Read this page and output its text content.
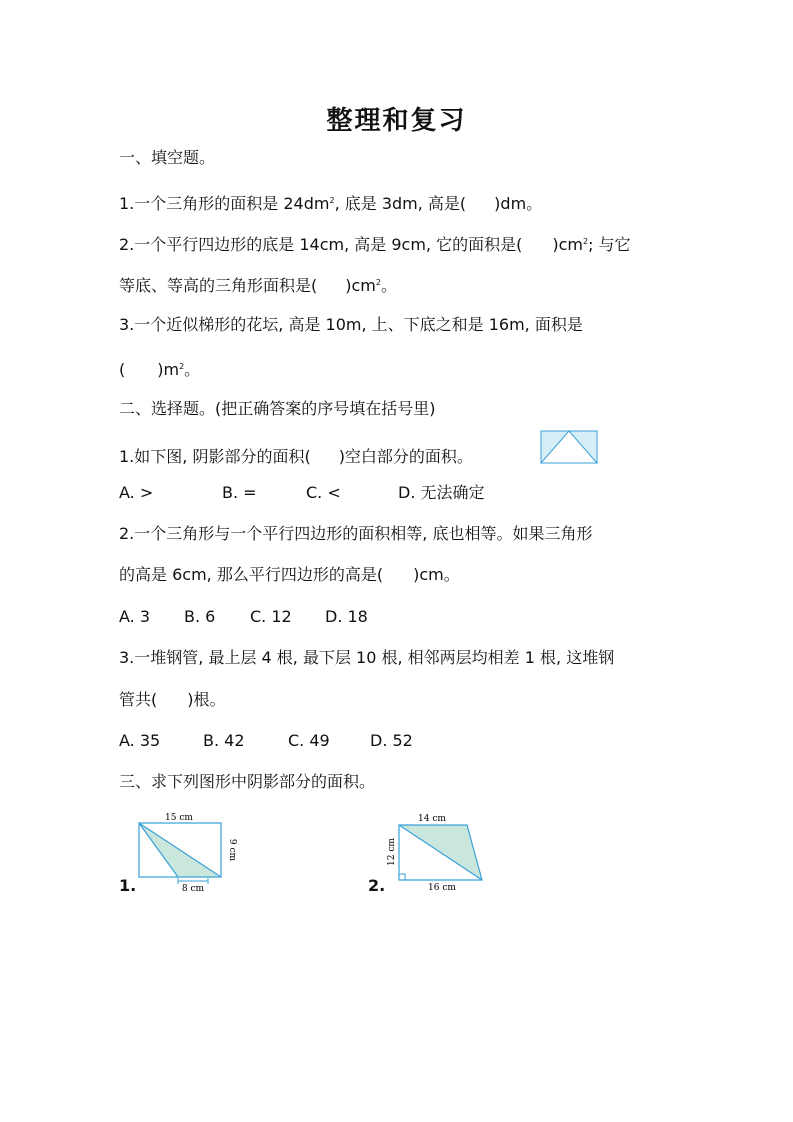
整理和复习
一、填空题。
1.一个三角形的面积是 $24dm^2$, 底是 3dm, 高是( )dm。
2.一个平行四边形的底是 14cm, 高是 9cm, 它的面积是( )$cm^2$; 与它
等底、等高的三角形面积是( )$cm^2$。
3.一个近似梯形的花坛, 高是 10m, 上、下底之和是 16m, 面积是
( )$m^2$。
二、选择题。(把正确答案的序号填在括号里)
1.如下图, 阴影部分的面积( )空白部分的面积。
A. >	B. =	C. <	D. 无法确定
2.一个三角形与一个平行四边形的面积相等, 底也相等。如果三角形
的高是 6cm, 那么平行四边形的高是( )cm。
A. 3 B. 6 C. 12 D. 18
3.一堆钢管, 最上层 4 根, 最下层 10 根, 相邻两层均相差 1 根, 这堆钢
管共( )根。
A. 35	B. 42	C. 49	D. 52
三、求下列图形中阴影部分的面积。
1.
15 cm
9 cm
8 cm	2.
14 cm
12 cm
16 cm
